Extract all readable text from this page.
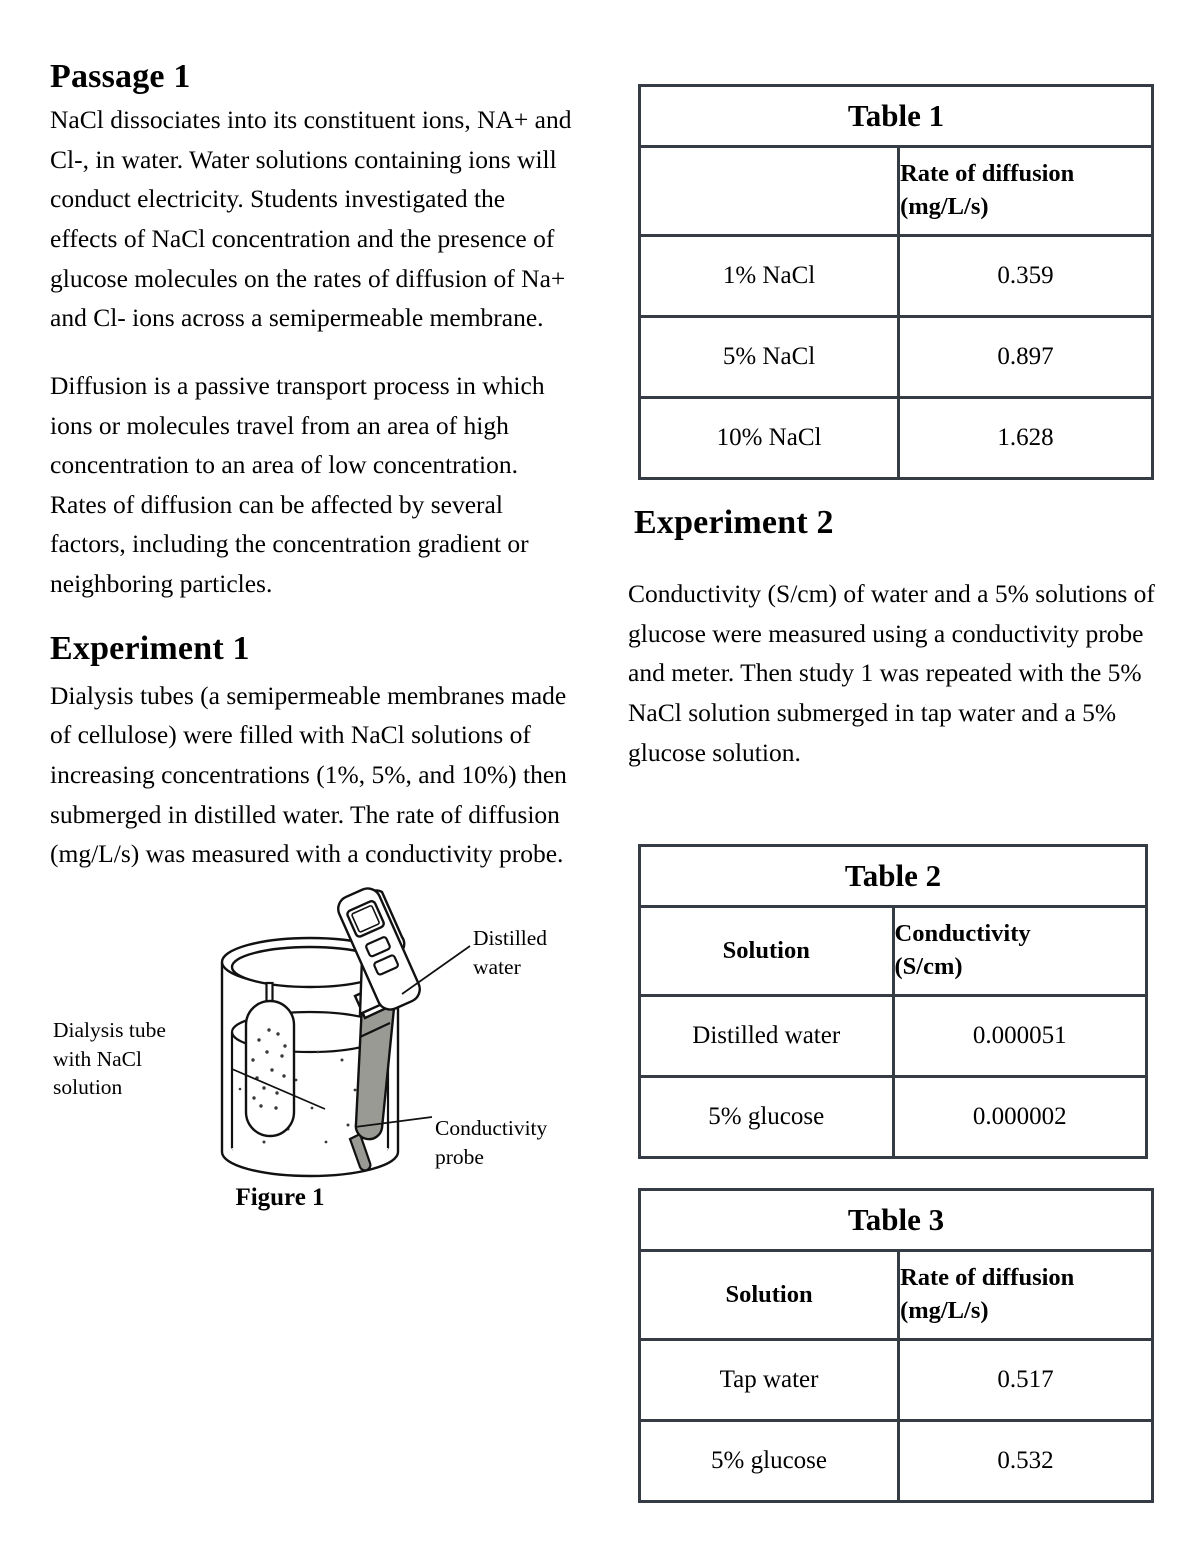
Passage 1

NaCl dissociates into its constituent ions, NA+ and Cl-, in water. Water solutions containing ions will conduct electricity. Students investigated the effects of NaCl concentration and the presence of glucose molecules on the rates of diffusion of Na+ and Cl- ions across a semipermeable membrane.

Diffusion is a passive transport process in which ions or molecules travel from an area of high concentration to an area of low concentration. Rates of diffusion can be affected by several factors, including the concentration gradient or neighboring particles.

Experiment 1

Dialysis tubes (a semipermeable membranes made of cellulose) were filled with NaCl solutions of increasing concentrations (1%, 5%, and 10%) then submerged in distilled water. The rate of diffusion (mg/L/s) was measured with a conductivity probe.

Distilled
water
Dialysis tube
with NaCl
solution
Conductivity
probe
Figure 1
Table 1	
	Rate of diffusion
(mg/L/s)
1% NaCl	0.359
5% NaCl	0.897
10% NaCl	1.628
Experiment 2

Conductivity (S/cm) of water and a 5% solutions of glucose were measured using a conductivity probe and meter. Then study 1 was repeated with the 5% NaCl solution submerged in tap water and a 5% glucose solution.

Table 2	
Solution	Conductivity
(S/cm)
Distilled water	0.000051
5% glucose	0.000002
Table 3	
Solution	Rate of diffusion
(mg/L/s)
Tap water	0.517
5% glucose	0.532
